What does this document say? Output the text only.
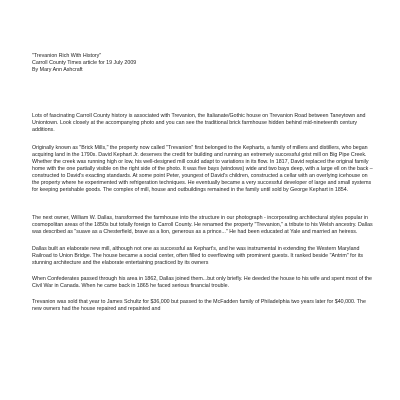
"Trevanion Rich With History"
Carroll County Times article for 19 July 2009
By Mary Ann Ashcraft

Lots of fascinating Carroll County history is associated with Trevanion, the Italianate/Gothic house on Trevanion Road between Taneytown and Uniontown. Look closely at the accompanying photo and you can see the traditional brick farmhouse hidden behind mid-nineteenth century additions.

Originally known as "Brick Mills," the property now called "Trevanion" first belonged to the Kepharts, a family of millers and distillers, who began acquiring land in the 1790s. David Kephart Jr. deserves the credit for building and running an extremely successful grist mill on Big Pipe Creek. Whether the creek was running high or low, his well-designed mill could adapt to variations in its flow. In 1817, David replaced the original family home with the one partially visible on the right side of the photo. It was five bays (windows) wide and two bays deep, with a large ell on the back – constructed to David's exacting standards. At some point Peter, youngest of David's children, constructed a cellar with an overlying icehouse on the property where he experimented with refrigeration techniques. He eventually became a very successful developer of large and small systems for keeping perishable goods. The complex of mill, house and outbuildings remained in the family until sold by George Kephart in 1854.

The next owner, William W. Dallas, transformed the farmhouse into the structure in our photograph - incorporating architectural styles popular in cosmopolitan areas of the 1850s but totally foreign to Carroll County. He renamed the property "Trevanion," a tribute to his Welsh ancestry. Dallas was described as "suave as a Chesterfield, brave as a lion, generous as a prince..." He had been educated at Yale and married an heiress.

Dallas built an elaborate new mill, although not one as successful as Kephart's, and he was instrumental in extending the Western Maryland Railroad to Union Bridge. The house became a social center, often filled to overflowing with prominent guests. It ranked beside "Antrim" for its stunning architecture and the elaborate entertaining practiced by its owners

When Confederates passed through his area in 1862, Dallas joined them...but only briefly. He deeded the house to his wife and spent most of the Civil War in Canada. When he came back in 1865 he faced serious financial trouble.

Trevanion was sold that year to James Schultz for $36,000 but passed to the McFadden family of Philadelphia two years later for $40,000. The new owners had the house repaired and repainted and
